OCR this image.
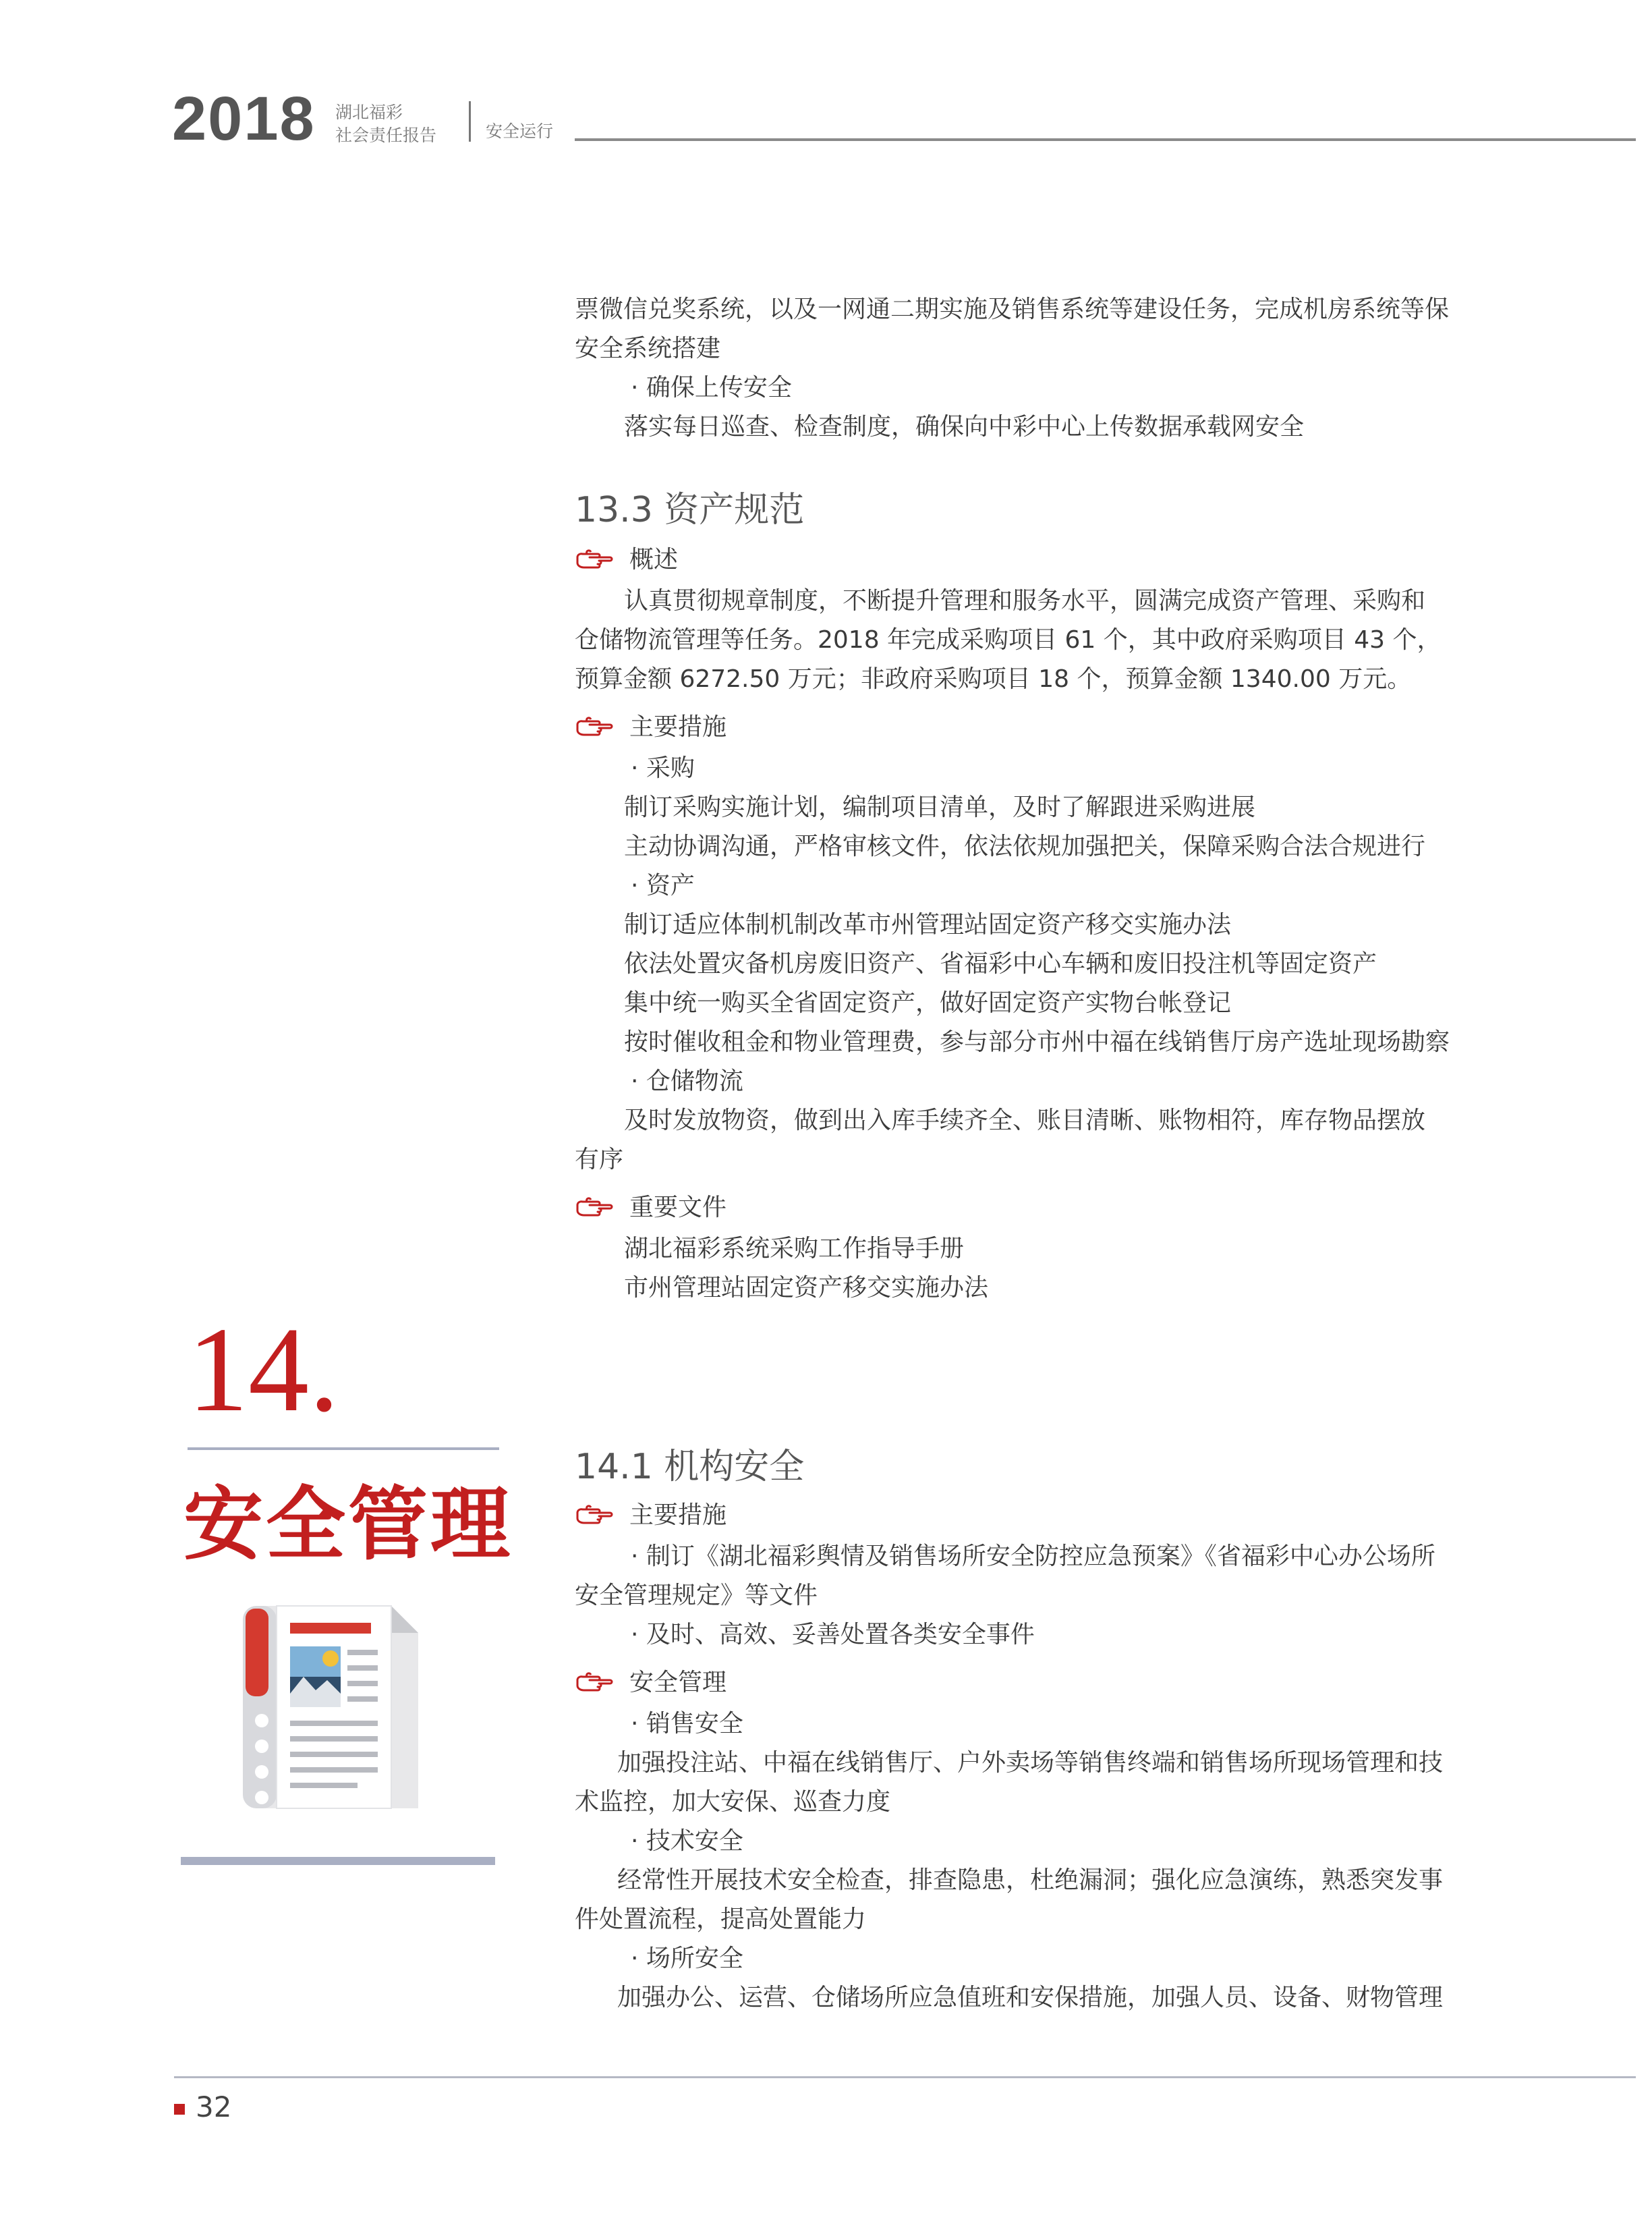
2018 湖北福彩
社会责任报告	安全运行
票微信兑奖系统，以及一网通二期实施及销售系统等建设任务，完成机房系统等保
安全系统搭建
· 确保上传安全
落实每日巡查、检查制度，确保向中彩中心上传数据承载网安全
13.3 资产规范
概述
认真贯彻规章制度，不断提升管理和服务水平，圆满完成资产管理、采购和
仓储物流管理等任务。2018 年完成采购项目 61 个，其中政府采购项目 43 个，
预算金额 6272.50 万元；非政府采购项目 18 个，预算金额 1340.00 万元。
主要措施
· 采购
制订采购实施计划，编制项目清单，及时了解跟进采购进展
主动协调沟通，严格审核文件，依法依规加强把关，保障采购合法合规进行
· 资产
制订适应体制机制改革市州管理站固定资产移交实施办法
依法处置灾备机房废旧资产、省福彩中心车辆和废旧投注机等固定资产
集中统一购买全省固定资产，做好固定资产实物台帐登记
按时催收租金和物业管理费，参与部分市州中福在线销售厅房产选址现场勘察
· 仓储物流
及时发放物资，做到出入库手续齐全、账目清晰、账物相符，库存物品摆放
有序
重要文件
湖北福彩系统采购工作指导手册
市州管理站固定资产移交实施办法
14.
安全管理
14.1 机构安全
主要措施
· 制订《湖北福彩舆情及销售场所安全防控应急预案》《省福彩中心办公场所
安全管理规定》等文件
· 及时、高效、妥善处置各类安全事件
安全管理
· 销售安全
加强投注站、中福在线销售厅、户外卖场等销售终端和销售场所现场管理和技
术监控，加大安保、巡查力度
· 技术安全
经常性开展技术安全检查，排查隐患，杜绝漏洞；强化应急演练，熟悉突发事
件处置流程，提高处置能力
· 场所安全
加强办公、运营、仓储场所应急值班和安保措施，加强人员、设备、财物管理
32
